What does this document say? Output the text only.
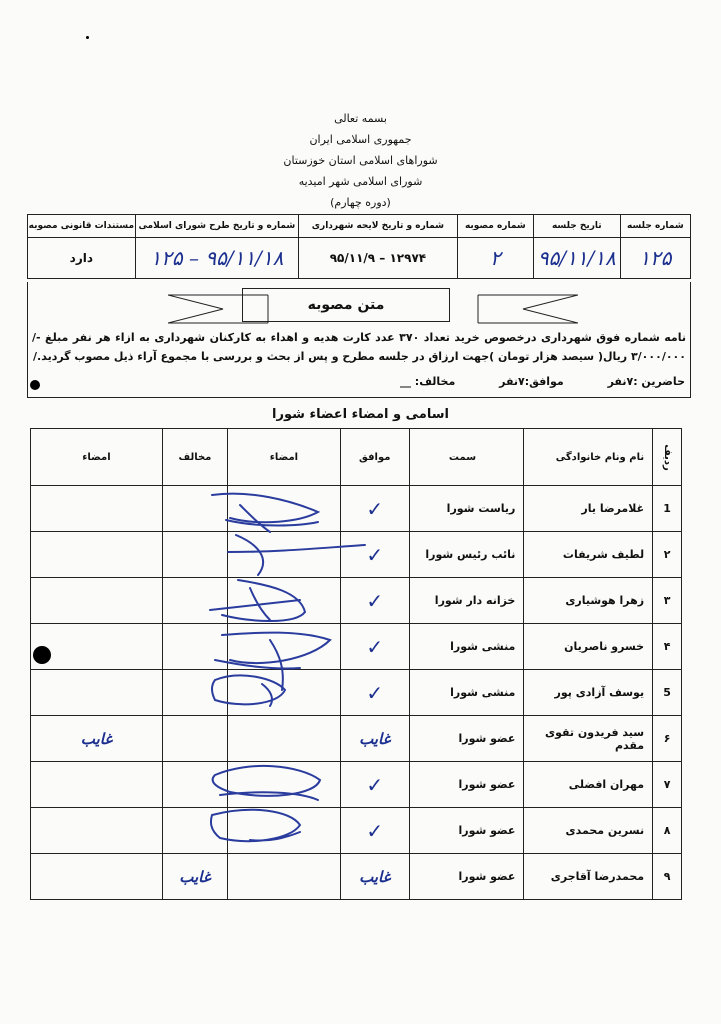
بسمه تعالی
جمهوری اسلامی ایران
شوراهای اسلامی استان خوزستان
شورای اسلامی شهر امیدیه
(دوره چهارم)
شماره جلسه	تاریخ جلسه	شماره مصوبه	شماره و تاریخ لایحه شهرداری	شماره و تاریخ طرح شورای اسلامی	مستندات قانونی مصوبه
۱۲۵	۹۵/۱۱/۱۸	۲	۱۲۹۷۴ – ۹۵/۱۱/۹	۹۵/۱۱/۱۸ – ۱۲۵	دارد
متن مصوبه
نامه شماره فوق شهرداری درخصوص خرید تعداد ۳۷۰ عدد کارت هدیه و اهداء به کارکنان شهرداری به ازاء هر نفر مبلغ -/۳/۰۰۰/۰۰۰ ریال( سیصد هزار تومان )جهت ارزاق در جلسه مطرح و پس از بحث و بررسی با مجموع آراء ذیل مصوب گردید./
حاضرین :۷نفر موافق:۷نفر مخالف: __
اسامی و امضاء اعضاء شورا
ردیف	نام ونام خانوادگی	سمت	موافق	امضاء	مخالف	امضاء
1	غلامرضا یار	ریاست شورا	✓			
۲	لطیف شریفات	نائب رئیس شورا	✓			
۳	زهرا هوشیاری	خزانه دار شورا	✓			
۴	خسرو ناصریان	منشی شورا	✓			
5	یوسف آزادی پور	منشی شورا	✓			
۶	سید فریدون تقوی مقدم	عضو شورا	غایب			غایب
۷	مهران افضلی	عضو شورا	✓			
۸	نسرین محمدی	عضو شورا	✓			
۹	محمدرضا آقاجری	عضو شورا	غایب		غایب	
